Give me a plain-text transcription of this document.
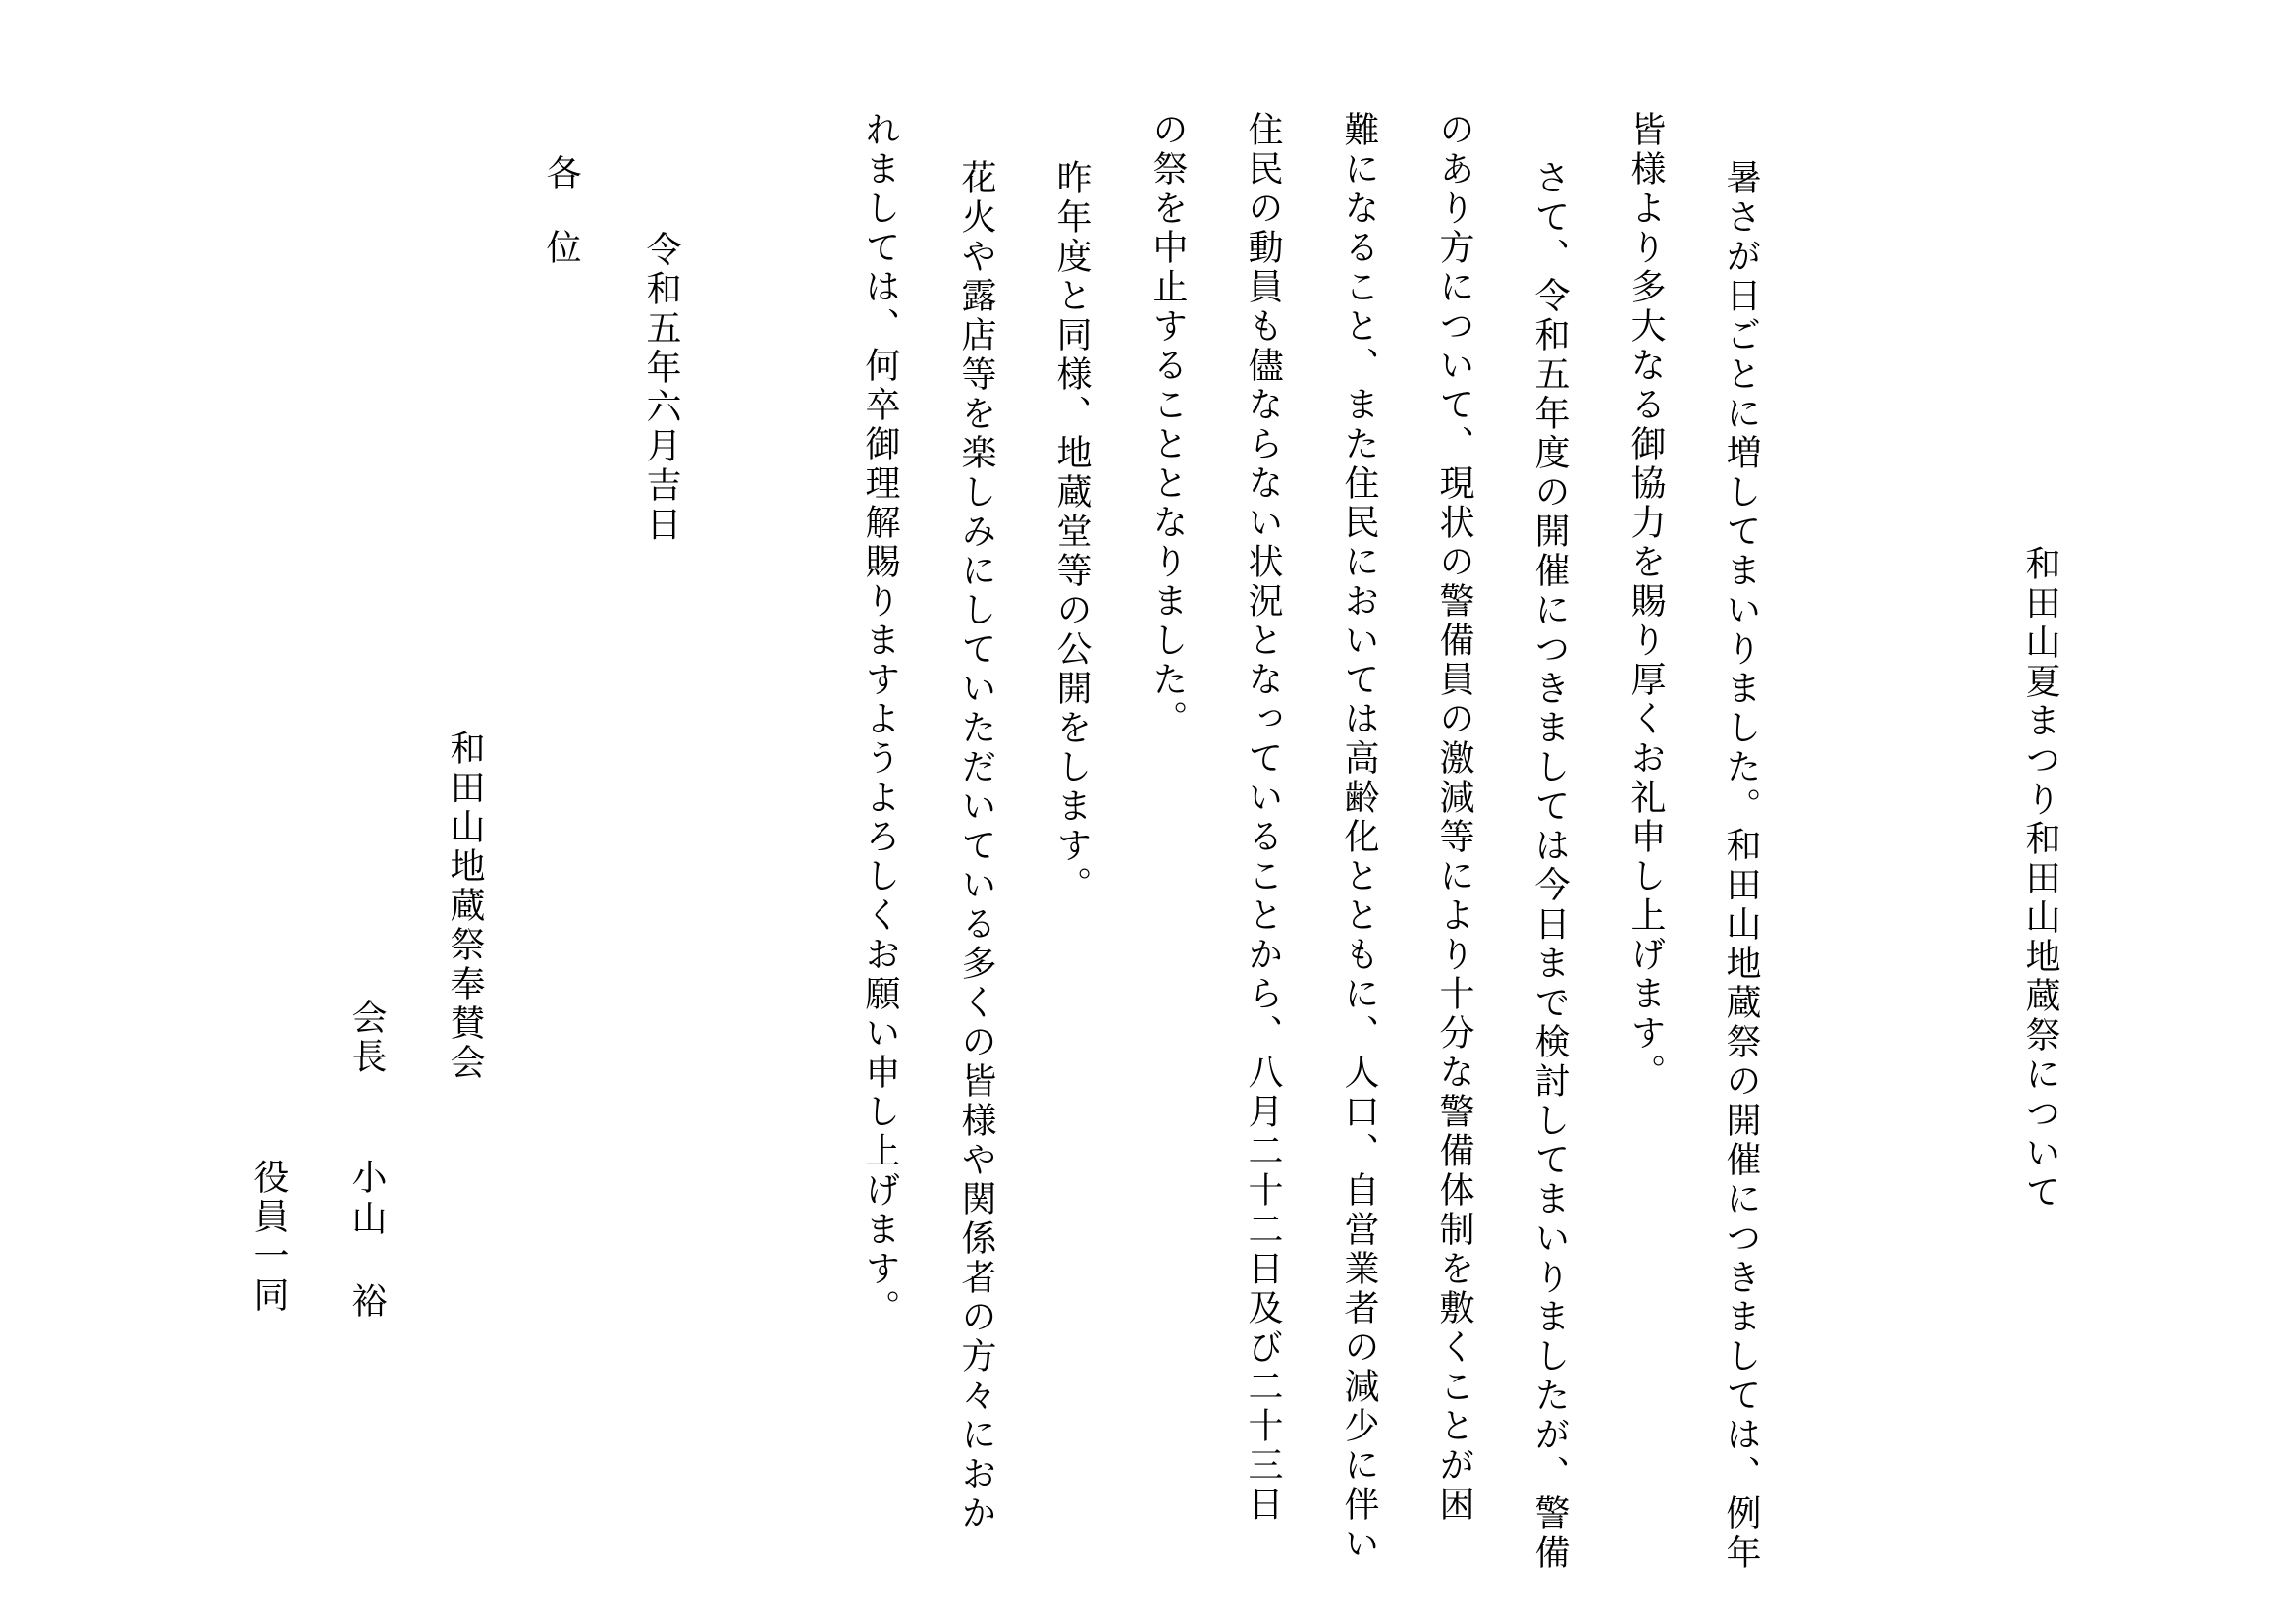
和田山夏まつり和田山地蔵祭について
暑さが日ごとに増してまいりました。和田山地蔵祭の開催につきましては、例年
皆様より多大なる御協力を賜り厚くお礼申し上げます。
さて、令和五年度の開催につきましては今日まで検討してまいりましたが、警備
のあり方について、現状の警備員の激減等により十分な警備体制を敷くことが困
難になること、また住民においては高齢化とともに、人口、自営業者の減少に伴い
住民の動員も儘ならない状況となっていることから、八月二十二日及び二十三日
の祭を中止することとなりました。
昨年度と同様、地蔵堂等の公開をします。
花火や露店等を楽しみにしていただいている多くの皆様や関係者の方々におか
れましては、何卒御理解賜りますようよろしくお願い申し上げます。
令和五年六月吉日
各位
和田山地蔵祭奉賛会
会長
小山　裕
役員一同
